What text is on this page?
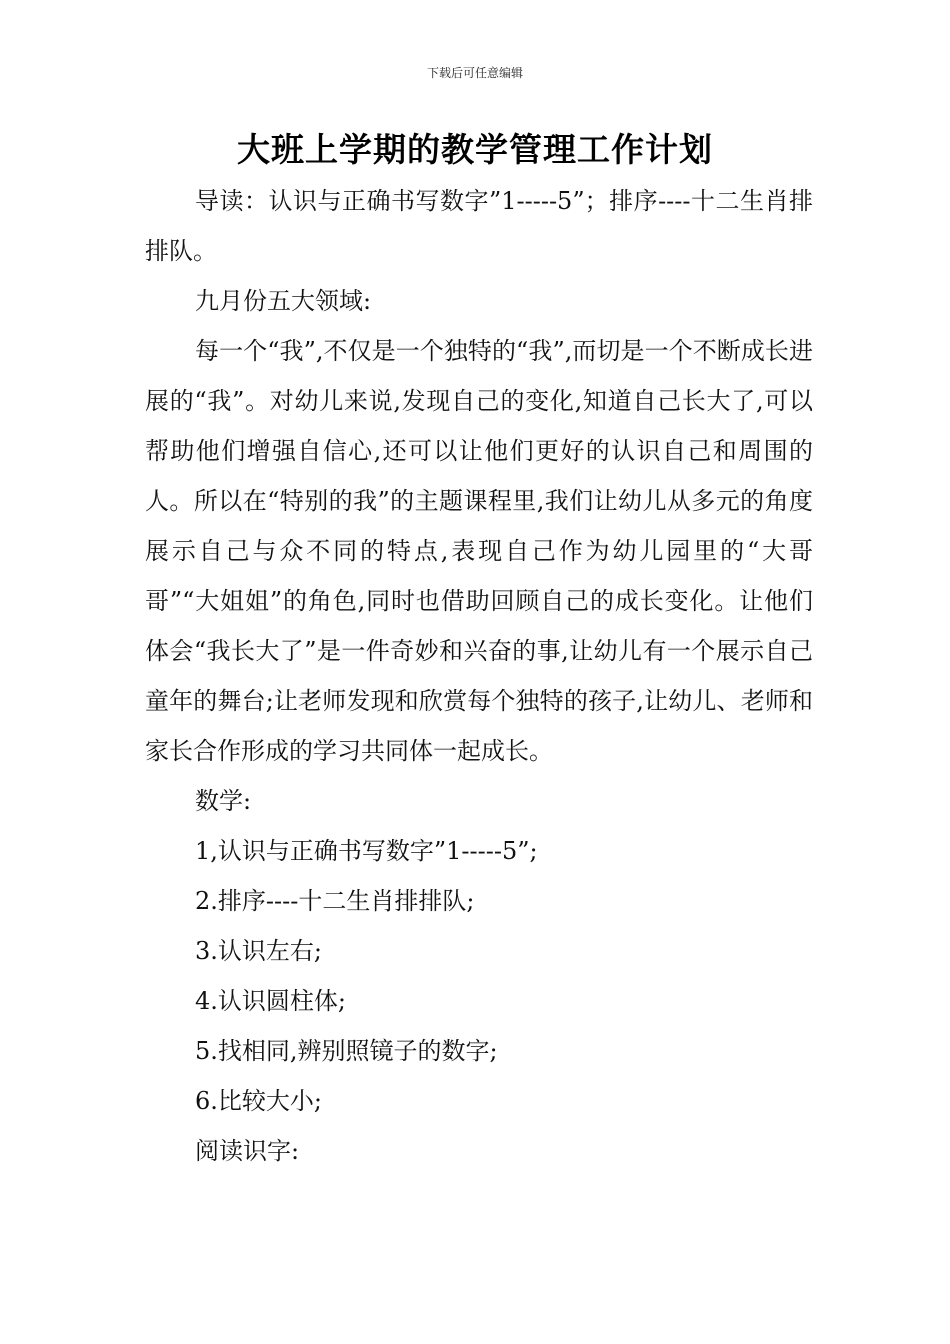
下载后可任意编辑
大班上学期的教学管理工作计划

导读：认识与正确书写数字”1-----5”；排序----十二生肖排排队。

九月份五大领域:

每一个“我”,不仅是一个独特的“我”,而切是一个不断成长进展的“我”。对幼儿来说,发现自己的变化,知道自己长大了,可以帮助他们增强自信心,还可以让他们更好的认识自己和周围的人。所以在“特别的我”的主题课程里,我们让幼儿从多元的角度展示自己与众不同的特点,表现自己作为幼儿园里的“大哥哥”“大姐姐”的角色,同时也借助回顾自己的成长变化。让他们体会“我长大了”是一件奇妙和兴奋的事,让幼儿有一个展示自己童年的舞台;让老师发现和欣赏每个独特的孩子,让幼儿、老师和家长合作形成的学习共同体一起成长。

数学:

1,认识与正确书写数字”1-----5”;

2.排序----十二生肖排排队;

3.认识左右;

4.认识圆柱体;

5.找相同,辨别照镜子的数字;

6.比较大小;

阅读识字:
